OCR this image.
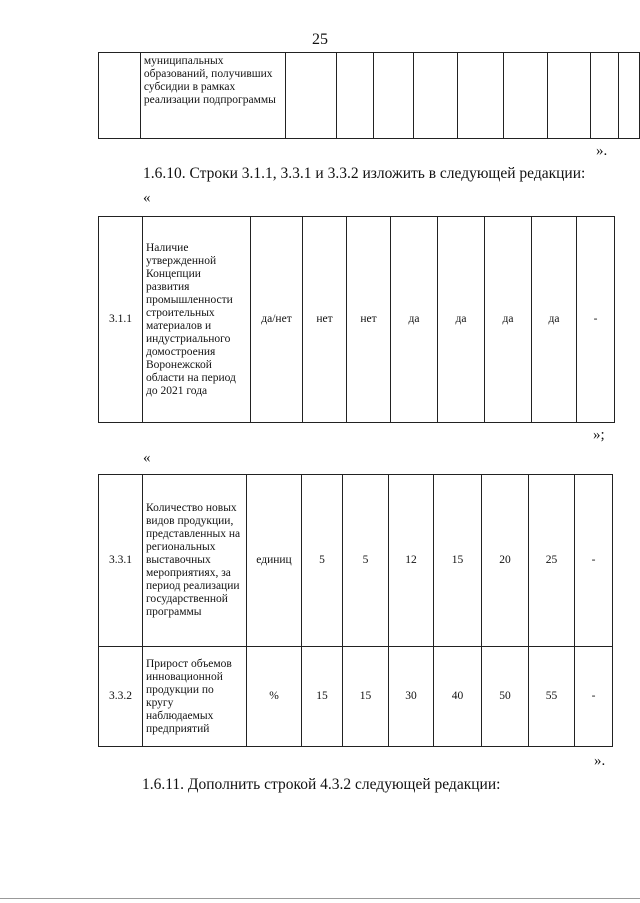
25
	муниципальных образований, получивших субсидии в рамках реализации подпрограммы									
».
1.6.10. Строки 3.1.1, 3.3.1 и 3.3.2 изложить в следующей редакции:
«
3.1.1	Наличие утвержденной Концепции развития промышленности строительных материалов и индустриального домостроения Воронежской области на период до 2021 года	да/нет	нет	нет	да	да	да	да	-
»;
«
3.3.1	Количество новых видов продукции, представленных на региональных выставочных мероприятиях, за период реализации государственной программы	единиц	5	5	12	15	20	25	-
3.3.2	Прирост объемов инновационной продукции по кругу наблюдаемых предприятий	%	15	15	30	40	50	55	-
».
1.6.11. Дополнить строкой 4.3.2 следующей редакции:
